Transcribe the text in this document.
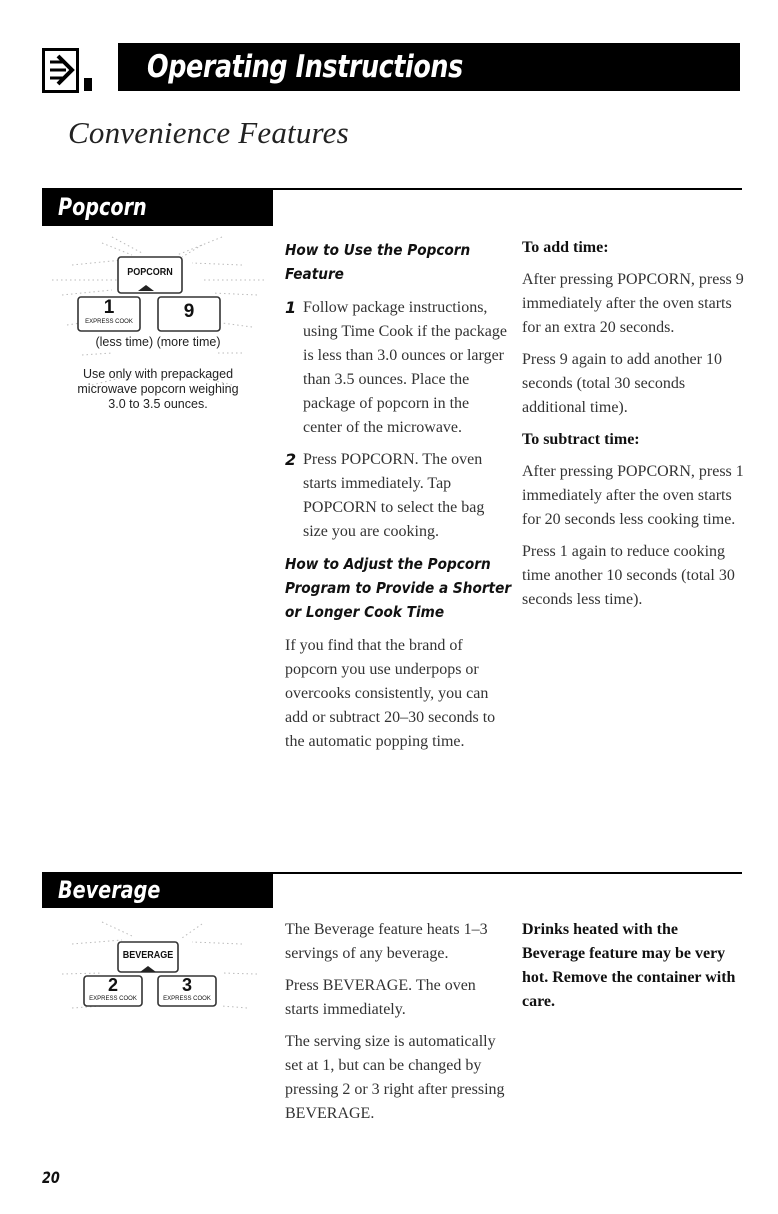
Operating Instructions
Convenience Features
Popcorn
POPCORN
1
EXPRESS COOK	9
(less time) (more time)
Use only with prepackaged
microwave popcorn weighing
3.0 to 3.5 ounces.
How to Use the Popcorn
Feature
1 Follow package instructions, using Time Cook if the package is less than 3.0 ounces or larger than 3.5 ounces. Place the package of popcorn in the center of the microwave.
2 Press POPCORN. The oven starts immediately. Tap POPCORN to select the bag size you are cooking.
How to Adjust the Popcorn
Program to Provide a Shorter
or Longer Cook Time

If you find that the brand of popcorn you use underpops or overcooks consistently, you can add or subtract 20–30 seconds to the automatic popping time.

To add time:

After pressing POPCORN, press 9 immediately after the oven starts for an extra 20 seconds.

Press 9 again to add another 10 seconds (total 30 seconds additional time).

To subtract time:

After pressing POPCORN, press 1 immediately after the oven starts for 20 seconds less cooking time.

Press 1 again to reduce cooking time another 10 seconds (total 30 seconds less time).

Beverage
BEVERAGE
2
EXPRESS COOK
3
EXPRESS COOK

The Beverage feature heats 1–3 servings of any beverage.

Press BEVERAGE. The oven starts immediately.

The serving size is automatically set at 1, but can be changed by pressing 2 or 3 right after pressing BEVERAGE.

Drinks heated with the Beverage feature may be very hot. Remove the container with care.
20
